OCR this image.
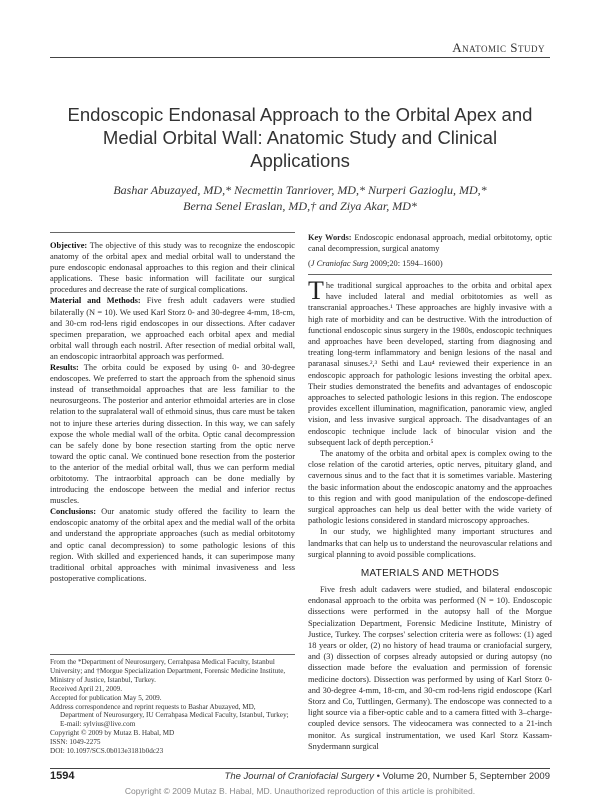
Anatomic Study
Endoscopic Endonasal Approach to the Orbital Apex and Medial Orbital Wall: Anatomic Study and Clinical Applications
Bashar Abuzayed, MD,* Necmettin Tanriover, MD,* Nurperi Gazioglu, MD,*
Berna Senel Eraslan, MD,† and Ziya Akar, MD*

Objective: The objective of this study was to recognize the endoscopic anatomy of the orbital apex and medial orbital wall to understand the pure endoscopic endonasal approaches to this region and their clinical applications. These basic information will facilitate our surgical procedures and decrease the rate of surgical complications.

Material and Methods: Five fresh adult cadavers were studied bilaterally (N = 10). We used Karl Storz 0- and 30-degree 4-mm, 18-cm, and 30-cm rod-lens rigid endoscopes in our dissections. After cadaver specimen preparation, we approached each orbital apex and medial orbital wall through each nostril. After resection of medial orbital wall, an endoscopic intraorbital approach was performed.

Results: The orbita could be exposed by using 0- and 30-degree endoscopes. We preferred to start the approach from the sphenoid sinus instead of transethmoidal approaches that are less familiar to the neurosurgeons. The posterior and anterior ethmoidal arteries are in close relation to the supralateral wall of ethmoid sinus, thus care must be taken not to injure these arteries during dissection. In this way, we can safely expose the whole medial wall of the orbita. Optic canal decompression can be safely done by bone resection starting from the optic nerve toward the optic canal. We continued bone resection from the posterior to the anterior of the medial orbital wall, thus we can perform medial orbitotomy. The intraorbital approach can be done medially by introducing the endoscope between the medial and inferior rectus muscles.

Conclusions: Our anatomic study offered the facility to learn the endoscopic anatomy of the orbital apex and the medial wall of the orbita and understand the appropriate approaches (such as medial orbitotomy and optic canal decompression) to some pathologic lesions of this region. With skilled and experienced hands, it can superimpose many traditional orbital approaches with minimal invasiveness and less postoperative complications.

Key Words: Endoscopic endonasal approach, medial orbitotomy, optic canal decompression, surgical anatomy

(J Craniofac Surg 2009;20: 1594–1600)

The traditional surgical approaches to the orbita and orbital apex have included lateral and medial orbitotomies as well as transcranial approaches.¹ These approaches are highly invasive with a high rate of morbidity and can be destructive. With the introduction of functional endoscopic sinus surgery in the 1980s, endoscopic techniques and approaches have been developed, starting from diagnosing and treating long-term inflammatory and benign lesions of the nasal and paranasal sinuses.²,³ Sethi and Lau⁴ reviewed their experience in an endoscopic approach for pathologic lesions investing the orbital apex. Their studies demonstrated the benefits and advantages of endoscopic approaches to selected pathologic lesions in this region. The endoscope provides excellent illumination, magnification, panoramic view, angled vision, and less invasive surgical approach. The disadvantages of an endoscopic technique include lack of binocular vision and the subsequent lack of depth perception.⁵

The anatomy of the orbita and orbital apex is complex owing to the close relation of the carotid arteries, optic nerves, pituitary gland, and cavernous sinus and to the fact that it is sometimes variable. Mastering the basic information about the endoscopic anatomy and the approaches to this region and with good manipulation of the endoscope-defined surgical approaches can help us deal better with the wide variety of pathologic lesions considered in standard microscopy approaches.

In our study, we highlighted many important structures and landmarks that can help us to understand the neurovascular relations and surgical planning to avoid possible complications.

MATERIALS AND METHODS

Five fresh adult cadavers were studied, and bilateral endoscopic endonasal approach to the orbita was performed (N = 10). Endoscopic dissections were performed in the autopsy hall of the Morgue Specialization Department, Forensic Medicine Institute, Ministry of Justice, Turkey. The corpses' selection criteria were as follows: (1) aged 18 years or older, (2) no history of head trauma or craniofacial surgery, and (3) dissection of corpses already autopsied or during autopsy (no dissection made before the evaluation and permission of forensic medicine doctors). Dissection was performed by using of Karl Storz 0- and 30-degree 4-mm, 18-cm, and 30-cm rod-lens rigid endoscope (Karl Storz and Co, Tuttlingen, Germany). The endoscope was connected to a light source via a fiber-optic cable and to a camera fitted with 3–charge-coupled device sensors. The videocamera was connected to a 21-inch monitor. As surgical instrumentation, we used Karl Storz Kassam-Snydermann surgical

From the *Department of Neurosurgery, Cerrahpasa Medical Faculty, Istanbul University; and †Morgue Specialization Department, Forensic Medicine Institute, Ministry of Justice, Istanbul, Turkey.

Received April 21, 2009.

Accepted for publication May 5, 2009.

Address correspondence and reprint requests to Bashar Abuzayed, MD,

Department of Neurosurgery, IU Cerrahpasa Medical Faculty, Istanbul, Turkey; E-mail: sylvius@live.com

Copyright © 2009 by Mutaz B. Habal, MD

ISSN: 1049-2275

DOI: 10.1097/SCS.0b013e3181b0dc23

1594	The Journal of Craniofacial Surgery • Volume 20, Number 5, September 2009
Copyright © 2009 Mutaz B. Habal, MD. Unauthorized reproduction of this article is prohibited.
